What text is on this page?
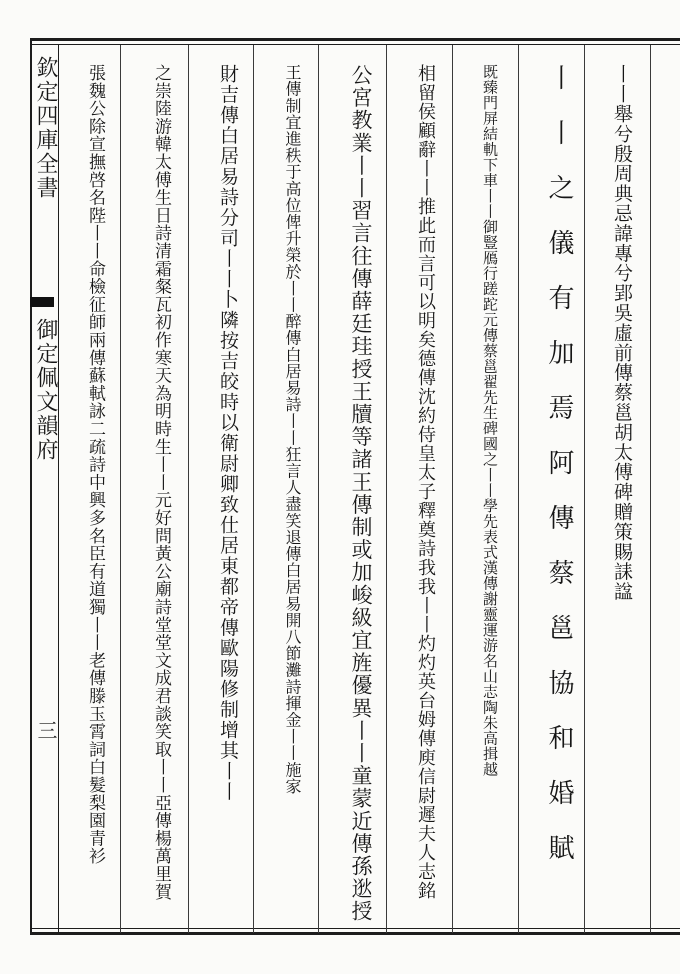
欽定四庫全書
御定佩文韻府
三
丨丨舉兮殷周典忌諱專兮郢吳虛前傳蔡邕胡太傅碑贈策賜誄諡
丨丨之儀有加焉阿傳蔡邕協和婚賦
既臻門屏結軌下車丨丨御豎鴈行蹉跎元傳蔡邕翟先生碑國之丨丨學先表式漢傳謝靈運游名山志陶朱高揖越
相留侯顧辭丨丨推此而言可以明矣德傳沈約侍皇太子釋奠詩我我丨丨灼灼英台姆傳庾信尉遲夫人志銘
公宮教業丨丨習言往傳薛廷珪授王牘等諸王傳制或加峻級宜旌優異丨丨童蒙近傳孫逖授
王傳制宜進秩于高位俾升榮於丨丨醉傳白居易詩丨丨狂言人盡笑退傳白居易開八節灘詩揮金丨丨施家
財吉傳白居易詩分司丨丨卜隣按吉皎時以衛尉卿致仕居東都帝傳歐陽修制增其丨丨
之崇陸游韓太傅生日詩清霜粲瓦初作寒天為明時生丨丨元好問黃公廟詩堂堂文成君談笑取丨丨亞傳楊萬里賀
張魏公除宣撫啓名陛丨丨命檢征師兩傳蘇軾詠二疏詩中興多名臣有道獨丨丨老傳滕玉霄詞白髮梨園青衫
